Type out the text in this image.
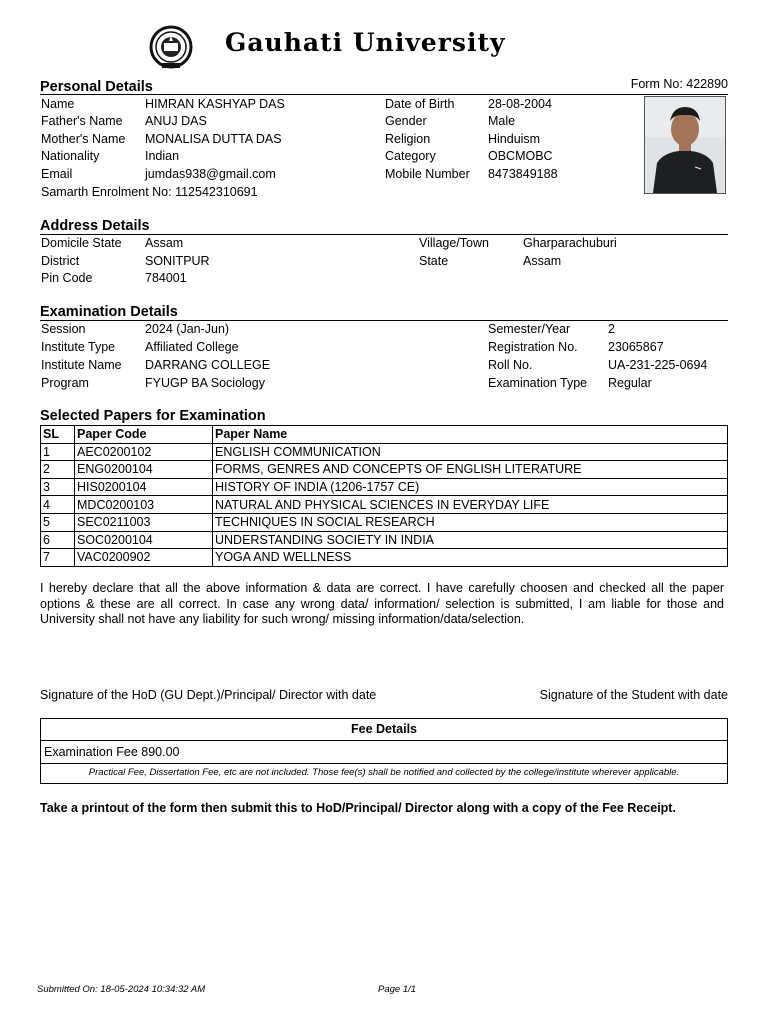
Gauhati University
Personal Details	Form No: 422890
Name	HIMRAN KASHYAP DAS
Father's Name ANUJ DAS
Mother's Name MONALISA DUTTA DAS
Nationality	Indian
Email	jumdas938@gmail.com
Date of Birth	28-08-2004
Gender	Male
Religion	Hinduism
Category	OBCMOBC
Mobile Number 8473849188
Samarth Enrolment No: 112542310691
Address Details
Domicile State Assam
District	SONITPUR
Pin Code	784001
Village/Town	Gharparachuburi
State	Assam
Examination Details
Session	2024 (Jan-Jun)
Institute Type Affiliated College
Institute Name DARRANG COLLEGE
Program	FYUGP BA Sociology
Semester/Year	2
Registration No. 23065867
Roll No.	UA-231-225-0694
Examination Type Regular
Selected Papers for Examination
SL	Paper Code	Paper Name
1	AEC0200102	ENGLISH COMMUNICATION
2	ENG0200104	FORMS, GENRES AND CONCEPTS OF ENGLISH LITERATURE
3	HIS0200104	HISTORY OF INDIA (1206-1757 CE)
4	MDC0200103	NATURAL AND PHYSICAL SCIENCES IN EVERYDAY LIFE
5	SEC0211003	TECHNIQUES IN SOCIAL RESEARCH
6	SOC0200104	UNDERSTANDING SOCIETY IN INDIA
7	VAC0200902	YOGA AND WELLNESS
I hereby declare that all the above information & data are correct. I have carefully choosen and checked all the paper options & these are all correct. In case any wrong data/ information/ selection is submitted, I am liable for those and University shall not have any liability for such wrong/ missing information/data/selection.
Signature of the HoD (GU Dept.)/Principal/ Director with date	Signature of the Student with date
Fee Details
Examination Fee 890.00
Practical Fee, Dissertation Fee, etc are not included. Those fee(s) shall be notified and collected by the college/institute wherever applicable.
Take a printout of the form then submit this to HoD/Principal/ Director along with a copy of the Fee Receipt.
Submitted On: 18-05-2024 10:34:32 AM	Page 1/1
